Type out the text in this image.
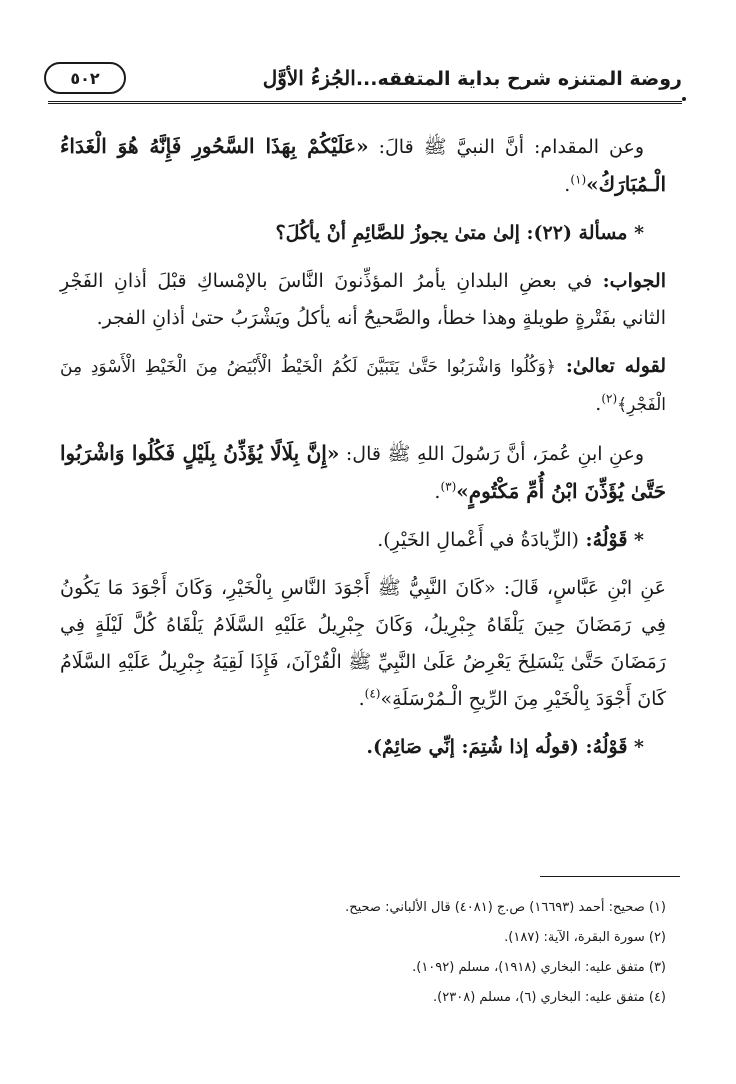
روضة المتنزه شرح بداية المتفقه...الجُزءُ الأوَّل
٥٠٢

وعن المقدام: أنَّ النبيَّ ﷺ قالَ: «عَلَيْكُمْ بِهَذَا السَّحُورِ فَإِنَّهُ هُوَ الْغَدَاءُ الْـمُبَارَكُ»$^{(١)}$.

* مسألة (٢٢): إلىٰ متىٰ يجوزُ للصَّائِمِ أنْ يأكُلَ؟

الجواب: في بعضِ البلدانِ يأمرُ المؤذِّنونَ النَّاسَ بالإمْساكِ قبْلَ أذانِ الفَجْرِ الثاني بفَتْرةٍ طويلةٍ وهذا خطأ، والصَّحيحُ أنه يأكلُ ويَشْرَبُ حتىٰ أذانِ الفجر.

لقوله تعالىٰ: ﴿وَكُلُوا وَاشْرَبُوا حَتَّىٰ يَتَبَيَّنَ لَكُمُ الْخَيْطُ الْأَبْيَضُ مِنَ الْخَيْطِ الْأَسْوَدِ مِنَ الْفَجْرِ﴾$^{(٢)}$.

وعنِ ابنِ عُمرَ، أنَّ رَسُولَ اللهِ ﷺ قال: «إِنَّ بِلَالًا يُؤَذِّنُ بِلَيْلٍ فَكُلُوا وَاشْرَبُوا حَتَّىٰ يُؤَذِّنَ ابْنُ أُمِّ مَكْتُومٍ»$^{(٣)}$.

* قَوْلُهُ: (الزِّيادَةُ في أَعْمالِ الخَيْرِ).

عَنِ ابْنِ عَبَّاسٍ، قَالَ: «كَانَ النَّبِيُّ ﷺ أَجْوَدَ النَّاسِ بِالْخَيْرِ، وَكَانَ أَجْوَدَ مَا يَكُونُ فِي رَمَضَانَ حِينَ يَلْقَاهُ جِبْرِيلُ، وَكَانَ جِبْرِيلُ عَلَيْهِ السَّلَامُ يَلْقَاهُ كُلَّ لَيْلَةٍ فِي رَمَضَانَ حَتَّىٰ يَنْسَلِخَ يَعْرِضُ عَلَىٰ النَّبِيِّ ﷺ الْقُرْآنَ، فَإِذَا لَقِيَهُ جِبْرِيلُ عَلَيْهِ السَّلَامُ كَانَ أَجْوَدَ بِالْخَيْرِ مِنَ الرِّيحِ الْـمُرْسَلَةِ»$^{(٤)}$.

* قَوْلُهُ: (قولُه إذا شُتِمَ: إنِّي صَائِمٌ).

(١) صحيح: أحمد (١٦٦٩٣) ص.ج (٤٠٨١) قال الألباني: صحيح.
(٢) سورة البقرة، الآية: (١٨٧).
(٣) متفق عليه: البخاري (١٩١٨)، مسلم (١٠٩٢).
(٤) متفق عليه: البخاري (٦)، مسلم (٢٣٠٨).
